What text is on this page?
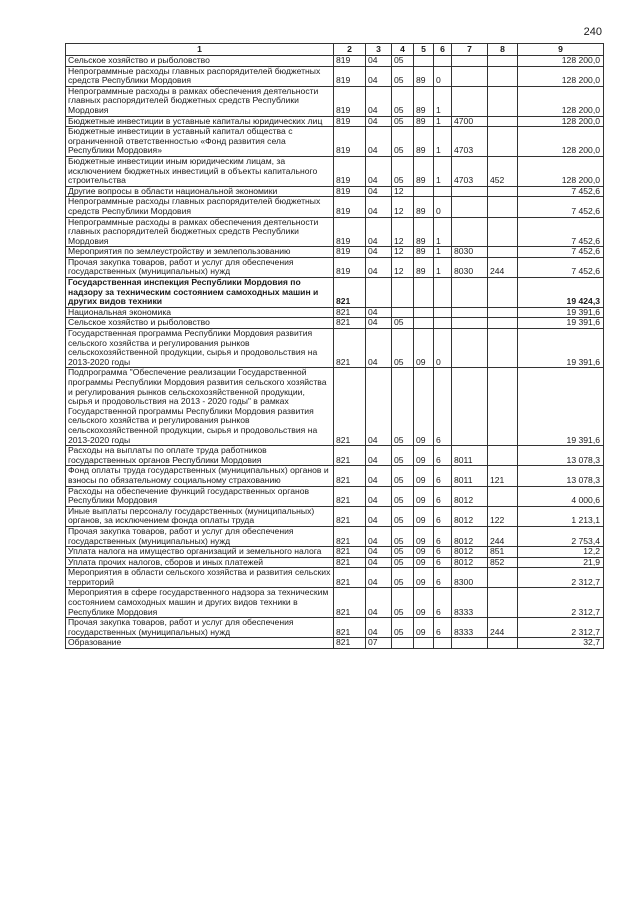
240
1	2	3	4	5	6	7	8	9
Сельское хозяйство и рыболовство	819	04	05					128 200,0
Непрограммные расходы главных распорядителей бюджетных средств Республики Мордовия	819	04	05	89	0			128 200,0
Непрограммные расходы в рамках обеспечения деятельности главных распорядителей бюджетных средств Республики Мордовия	819	04	05	89	1			128 200,0
Бюджетные инвестиции в уставные капиталы юридических лиц	819	04	05	89	1	4700		128 200,0
Бюджетные инвестиции в уставный капитал общества с ограниченной ответственностью «Фонд развития села Республики Мордовия»	819	04	05	89	1	4703		128 200,0
Бюджетные инвестиции иным юридическим лицам, за исключением бюджетных инвестиций в объекты капитального строительства	819	04	05	89	1	4703	452	128 200,0
Другие вопросы в области национальной экономики	819	04	12					7 452,6
Непрограммные расходы главных распорядителей бюджетных средств Республики Мордовия	819	04	12	89	0			7 452,6
Непрограммные расходы в рамках обеспечения деятельности главных распорядителей бюджетных средств Республики Мордовия	819	04	12	89	1			7 452,6
Мероприятия по землеустройству и землепользованию	819	04	12	89	1	8030		7 452,6
Прочая закупка товаров, работ и услуг для обеспечения государственных (муниципальных) нужд	819	04	12	89	1	8030	244	7 452,6
Государственная инспекция Республики Мордовия по надзору за техническим состоянием самоходных машин и других видов техники	821							19 424,3
Национальная экономика	821	04						19 391,6
Сельское хозяйство и рыболовство	821	04	05					19 391,6
Государственная программа Республики Мордовия развития сельского хозяйства и регулирования рынков сельскохозяйственной продукции, сырья и продовольствия на 2013-2020 годы	821	04	05	09	0			19 391,6
Подпрограмма "Обеспечение реализации Государственной программы Республики Мордовия развития сельского хозяйства и регулирования рынков сельскохозяйственной продукции, сырья и продовольствия на 2013 - 2020 годы" в рамках Государственной программы Республики Мордовия развития сельского хозяйства и регулирования рынков сельскохозяйственной продукции, сырья и продовольствия на 2013-2020 годы	821	04	05	09	6			19 391,6
Расходы на выплаты по оплате труда работников государственных органов Республики Мордовия	821	04	05	09	6	8011		13 078,3
Фонд оплаты труда государственных (муниципальных) органов и взносы по обязательному социальному страхованию	821	04	05	09	6	8011	121	13 078,3
Расходы на обеспечение функций государственных органов Республики Мордовия	821	04	05	09	6	8012		4 000,6
Иные выплаты персоналу государственных (муниципальных) органов, за исключением фонда оплаты труда	821	04	05	09	6	8012	122	1 213,1
Прочая закупка товаров, работ и услуг для обеспечения государственных (муниципальных) нужд	821	04	05	09	6	8012	244	2 753,4
Уплата налога на имущество организаций и земельного налога	821	04	05	09	6	8012	851	12,2
Уплата прочих налогов, сборов и иных платежей	821	04	05	09	6	8012	852	21,9
Мероприятия в области сельского хозяйства и развития сельских территорий	821	04	05	09	6	8300		2 312,7
Мероприятия в сфере государственного надзора за техническим состоянием самоходных машин и других видов техники в Республике Мордовия	821	04	05	09	6	8333		2 312,7
Прочая закупка товаров, работ и услуг для обеспечения государственных (муниципальных) нужд	821	04	05	09	6	8333	244	2 312,7
Образование	821	07						32,7
